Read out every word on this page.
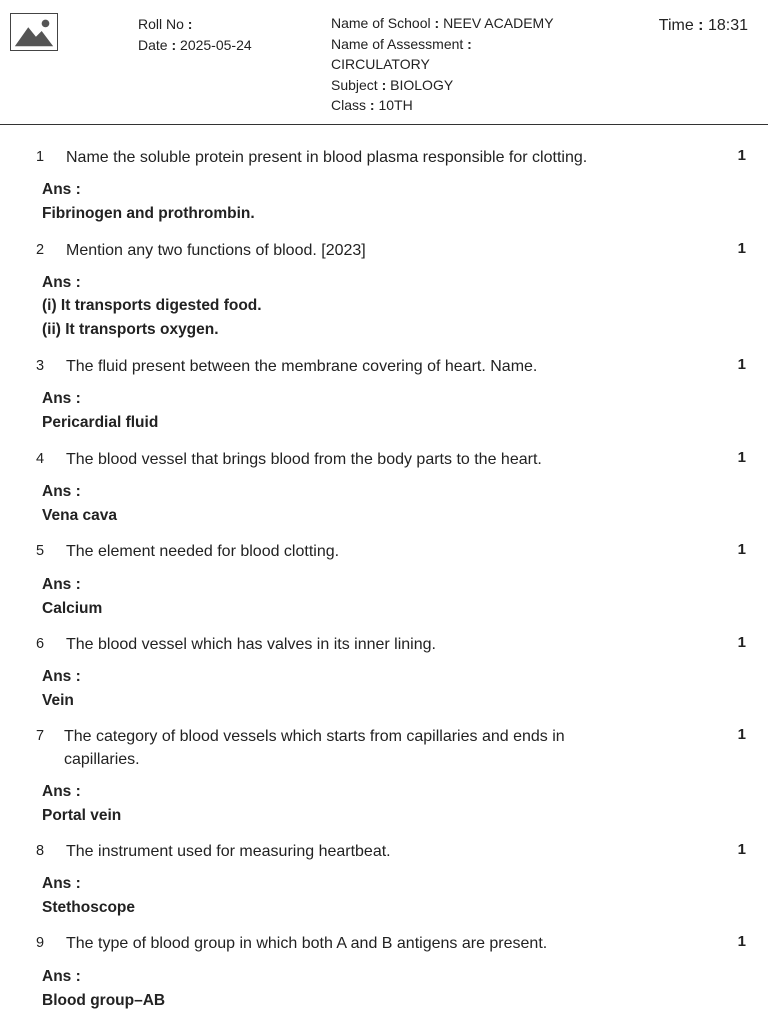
Roll No :
Date : 2025-05-24
Name of School : NEEV ACADEMY
Name of Assessment :
CIRCULATORY
Subject : BIOLOGY
Class : 10TH
Time : 18:31
1 Name the soluble protein present in blood plasma responsible for clotting.	1
Ans :
Fibrinogen and prothrombin.
2 Mention any two functions of blood. [2023]	1
Ans :
(i) It transports digested food.
(ii) It transports oxygen.
3 The fluid present between the membrane covering of heart. Name.	1
Ans :
Pericardial fluid
4 The blood vessel that brings blood from the body parts to the heart.	1
Ans :
Vena cava
5 The element needed for blood clotting.	1
Ans :
Calcium
6 The blood vessel which has valves in its inner lining.	1
Ans :
Vein
7 The category of blood vessels which starts from capillaries and ends in capillaries.
1
Ans :
Portal vein
8 The instrument used for measuring heartbeat.	1
Ans :
Stethoscope
9 The type of blood group in which both A and B antigens are present.	1
Ans :
Blood group–AB
